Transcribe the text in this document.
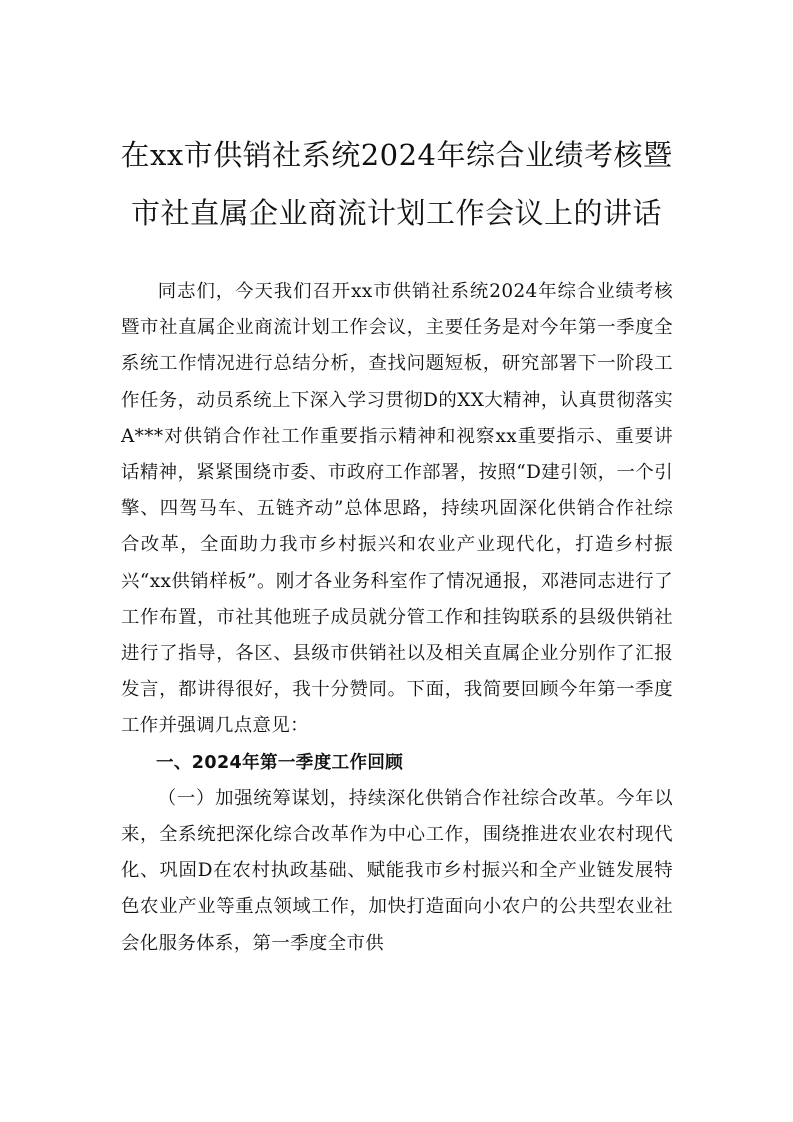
在xx市供销社系统2024年综合业绩考核暨
市社直属企业商流计划工作会议上的讲话

同志们，今天我们召开xx市供销社系统2024年综合业绩考核暨市社直属企业商流计划工作会议，主要任务是对今年第一季度全系统工作情况进行总结分析，查找问题短板，研究部署下一阶段工作任务，动员系统上下深入学习贯彻D的XX大精神，认真贯彻落实A***对供销合作社工作重要指示精神和视察xx重要指示、重要讲话精神，紧紧围绕市委、市政府工作部署，按照“D建引领，一个引擎、四驾马车、五链齐动”总体思路，持续巩固深化供销合作社综合改革，全面助力我市乡村振兴和农业产业现代化，打造乡村振兴“xx供销样板”。刚才各业务科室作了情况通报，邓港同志进行了工作布置，市社其他班子成员就分管工作和挂钩联系的县级供销社进行了指导，各区、县级市供销社以及相关直属企业分别作了汇报发言，都讲得很好，我十分赞同。下面，我简要回顾今年第一季度工作并强调几点意见：

一、2024年第一季度工作回顾

（一）加强统筹谋划，持续深化供销合作社综合改革。今年以来，全系统把深化综合改革作为中心工作，围绕推进农业农村现代化、巩固D在农村执政基础、赋能我市乡村振兴和全产业链发展特色农业产业等重点领域工作，加快打造面向小农户的公共型农业社会化服务体系，第一季度全市供
